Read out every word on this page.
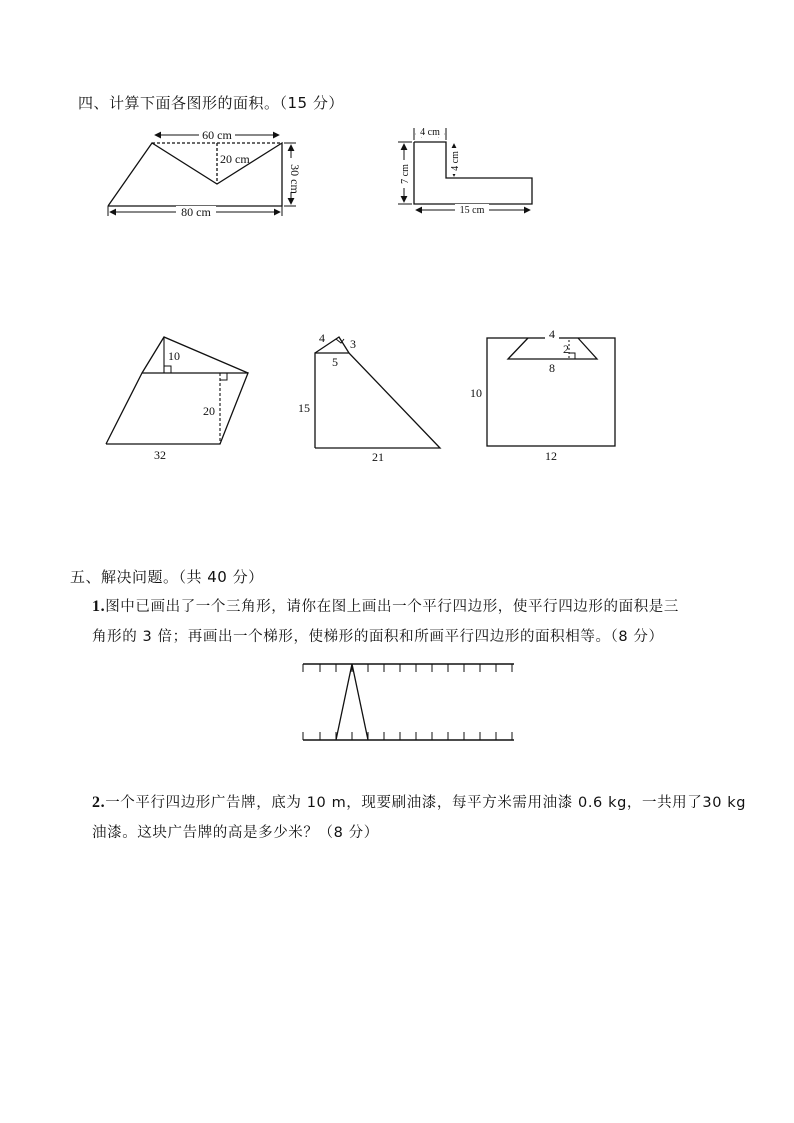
四、计算下面各图形的面积。（15 分）
60 cm
20 cm
30 cm
80 cm
4 cm
4 cm
7 cm
15 cm
10
20
32
4 3
5
15
21
4
2
8
10
12
五、解决问题。（共 40 分）
1.图中已画出了一个三角形，请你在图上画出一个平行四边形，使平行四边形的面积是三
角形的 3 倍；再画出一个梯形，使梯形的面积和所画平行四边形的面积相等。（8 分）
2.一个平行四边形广告牌，底为 10 m，现要刷油漆，每平方米需用油漆 0.6 kg，一共用了30 kg
油漆。这块广告牌的高是多少米？（8 分）
